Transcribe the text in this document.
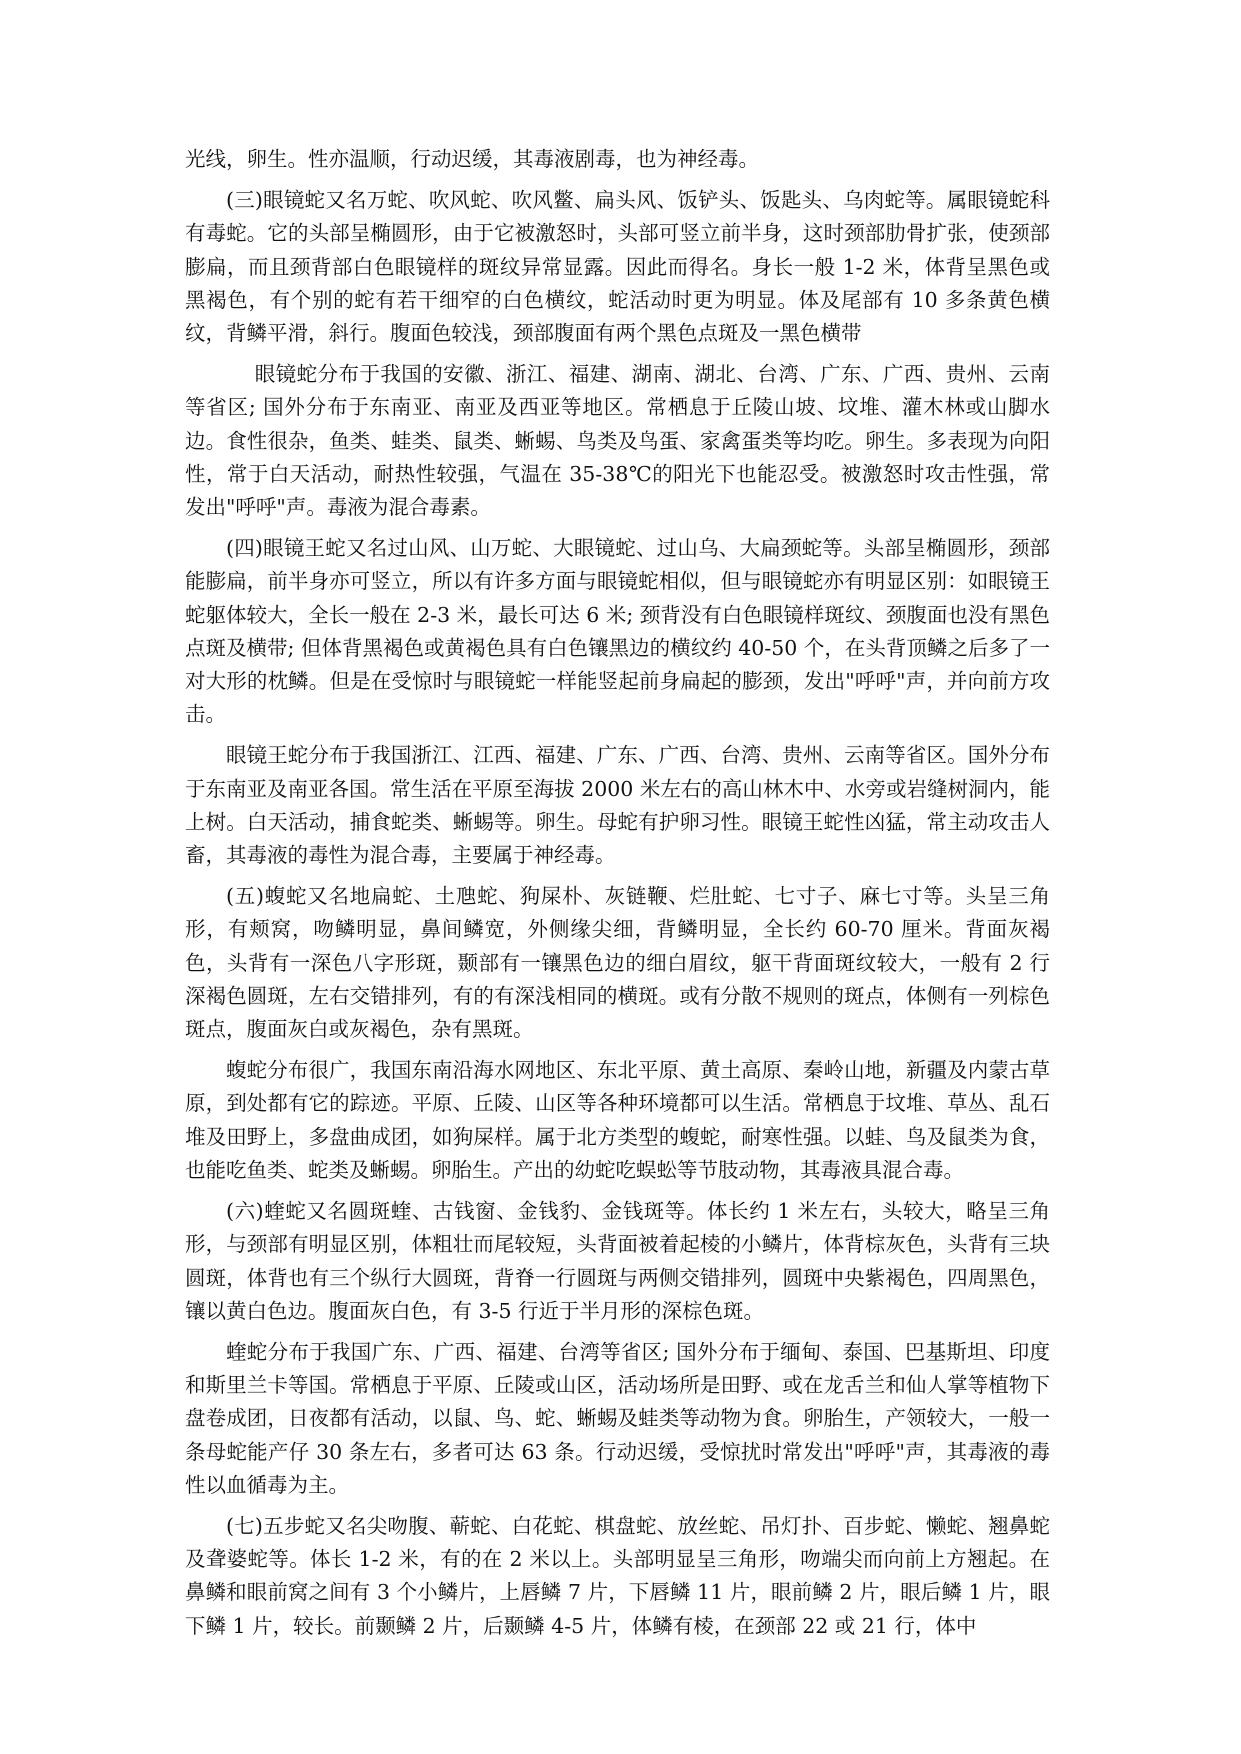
光线，卵生。性亦温顺，行动迟缓，其毒液剧毒，也为神经毒。

(三)眼镜蛇又名万蛇、吹风蛇、吹风鳖、扁头风、饭铲头、饭匙头、乌肉蛇等。属眼镜蛇科有毒蛇。它的头部呈椭圆形，由于它被激怒时，头部可竖立前半身，这时颈部肋骨扩张，使颈部膨扁，而且颈背部白色眼镜样的斑纹异常显露。因此而得名。身长一般 1-2 米，体背呈黑色或黑褐色，有个别的蛇有若干细窄的白色横纹，蛇活动时更为明显。体及尾部有 10 多条黄色横纹，背鳞平滑，斜行。腹面色较浅，颈部腹面有两个黑色点斑及一黑色横带

眼镜蛇分布于我国的安徽、浙江、福建、湖南、湖北、台湾、广东、广西、贵州、云南等省区; 国外分布于东南亚、南亚及西亚等地区。常栖息于丘陵山坡、坟堆、灌木林或山脚水边。食性很杂，鱼类、蛙类、鼠类、蜥蜴、鸟类及鸟蛋、家禽蛋类等均吃。卵生。多表现为向阳性，常于白天活动，耐热性较强，气温在 35-38℃的阳光下也能忍受。被激怒时攻击性强，常发出"呼呼"声。毒液为混合毒素。

(四)眼镜王蛇又名过山风、山万蛇、大眼镜蛇、过山乌、大扁颈蛇等。头部呈椭圆形，颈部能膨扁，前半身亦可竖立，所以有许多方面与眼镜蛇相似，但与眼镜蛇亦有明显区别：如眼镜王蛇躯体较大，全长一般在 2-3 米，最长可达 6 米; 颈背没有白色眼镜样斑纹、颈腹面也没有黑色点斑及横带; 但体背黑褐色或黄褐色具有白色镶黑边的横纹约 40-50 个，在头背顶鳞之后多了一对大形的枕鳞。但是在受惊时与眼镜蛇一样能竖起前身扁起的膨颈，发出"呼呼"声，并向前方攻击。

眼镜王蛇分布于我国浙江、江西、福建、广东、广西、台湾、贵州、云南等省区。国外分布于东南亚及南亚各国。常生活在平原至海拔 2000 米左右的高山林木中、水旁或岩缝树洞内，能上树。白天活动，捕食蛇类、蜥蜴等。卵生。母蛇有护卵习性。眼镜王蛇性凶猛，常主动攻击人畜，其毒液的毒性为混合毒，主要属于神经毒。

(五)蝮蛇又名地扁蛇、土虺蛇、狗屎朴、灰链鞭、烂肚蛇、七寸子、麻七寸等。头呈三角形，有颊窝，吻鳞明显，鼻间鳞宽，外侧缘尖细，背鳞明显，全长约 60-70 厘米。背面灰褐色，头背有一深色八字形斑，颞部有一镶黑色边的细白眉纹，躯干背面斑纹较大，一般有 2 行深褐色圆斑，左右交错排列，有的有深浅相同的横斑。或有分散不规则的斑点，体侧有一列棕色斑点，腹面灰白或灰褐色，杂有黑斑。

蝮蛇分布很广，我国东南沿海水网地区、东北平原、黄土高原、秦岭山地，新疆及内蒙古草原，到处都有它的踪迹。平原、丘陵、山区等各种环境都可以生活。常栖息于坟堆、草丛、乱石堆及田野上，多盘曲成团，如狗屎样。属于北方类型的蝮蛇，耐寒性强。以蛙、鸟及鼠类为食，也能吃鱼类、蛇类及蜥蜴。卵胎生。产出的幼蛇吃蜈蚣等节肢动物，其毒液具混合毒。

(六)蝰蛇又名圆斑蝰、古钱窗、金钱豹、金钱斑等。体长约 1 米左右，头较大，略呈三角形，与颈部有明显区别，体粗壮而尾较短，头背面被着起棱的小鳞片，体背棕灰色，头背有三块圆斑，体背也有三个纵行大圆斑，背脊一行圆斑与两侧交错排列，圆斑中央紫褐色，四周黑色，镶以黄白色边。腹面灰白色，有 3-5 行近于半月形的深棕色斑。

蝰蛇分布于我国广东、广西、福建、台湾等省区; 国外分布于缅甸、泰国、巴基斯坦、印度和斯里兰卡等国。常栖息于平原、丘陵或山区，活动场所是田野、或在龙舌兰和仙人掌等植物下盘卷成团，日夜都有活动，以鼠、鸟、蛇、蜥蜴及蛙类等动物为食。卵胎生，产领较大，一般一条母蛇能产仔 30 条左右，多者可达 63 条。行动迟缓，受惊扰时常发出"呼呼"声，其毒液的毒性以血循毒为主。

(七)五步蛇又名尖吻腹、蕲蛇、白花蛇、棋盘蛇、放丝蛇、吊灯扑、百步蛇、懒蛇、翘鼻蛇及聋婆蛇等。体长 1-2 米，有的在 2 米以上。头部明显呈三角形，吻端尖而向前上方翘起。在鼻鳞和眼前窝之间有 3 个小鳞片，上唇鳞 7 片，下唇鳞 11 片，眼前鳞 2 片，眼后鳞 1 片，眼下鳞 1 片，较长。前颞鳞 2 片，后颞鳞 4-5 片，体鳞有棱，在颈部 22 或 21 行，体中
